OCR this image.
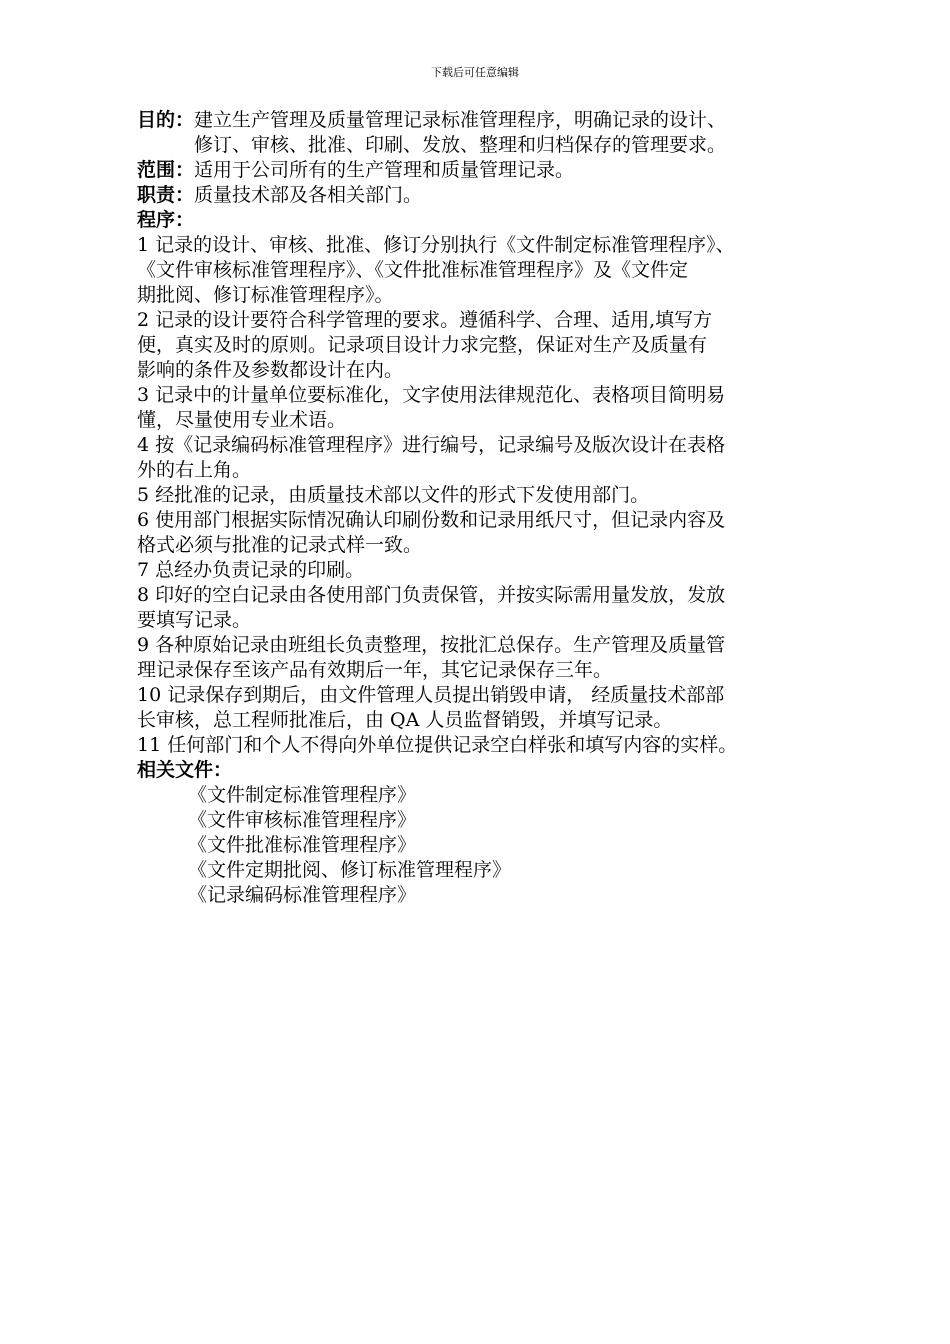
下载后可任意编辑
目的： 建立生产管理及质量管理记录标准管理程序，明确记录的设计、
修订、审核、批准、印刷、发放、整理和归档保存的管理要求。
范围： 适用于公司所有的生产管理和质量管理记录。
职责： 质量技术部及各相关部门。
程序：
1 记录的设计、审核、批准、修订分别执行《文件制定标准管理程序》、
《文件审核标准管理程序》、《文件批准标准管理程序》及《文件定
期批阅、修订标准管理程序》。
2 记录的设计要符合科学管理的要求。遵循科学、合理、适用,填写方
便，真实及时的原则。记录项目设计力求完整，保证对生产及质量有
影响的条件及参数都设计在内。
3 记录中的计量单位要标准化，文字使用法律规范化、表格项目简明易
懂，尽量使用专业术语。
4 按《记录编码标准管理程序》进行编号，记录编号及版次设计在表格
外的右上角。
5 经批准的记录，由质量技术部以文件的形式下发使用部门。
6 使用部门根据实际情况确认印刷份数和记录用纸尺寸，但记录内容及
格式必须与批准的记录式样一致。
7 总经办负责记录的印刷。
8 印好的空白记录由各使用部门负责保管，并按实际需用量发放，发放
要填写记录。
9 各种原始记录由班组长负责整理，按批汇总保存。生产管理及质量管
理记录保存至该产品有效期后一年，其它记录保存三年。
10 记录保存到期后，由文件管理人员提出销毁申请， 经质量技术部部
长审核，总工程师批准后，由 QA 人员监督销毁，并填写记录。
11 任何部门和个人不得向外单位提供记录空白样张和填写内容的实样。
相关文件：
《文件制定标准管理程序》
《文件审核标准管理程序》
《文件批准标准管理程序》
《文件定期批阅、修订标准管理程序》
《记录编码标准管理程序》
